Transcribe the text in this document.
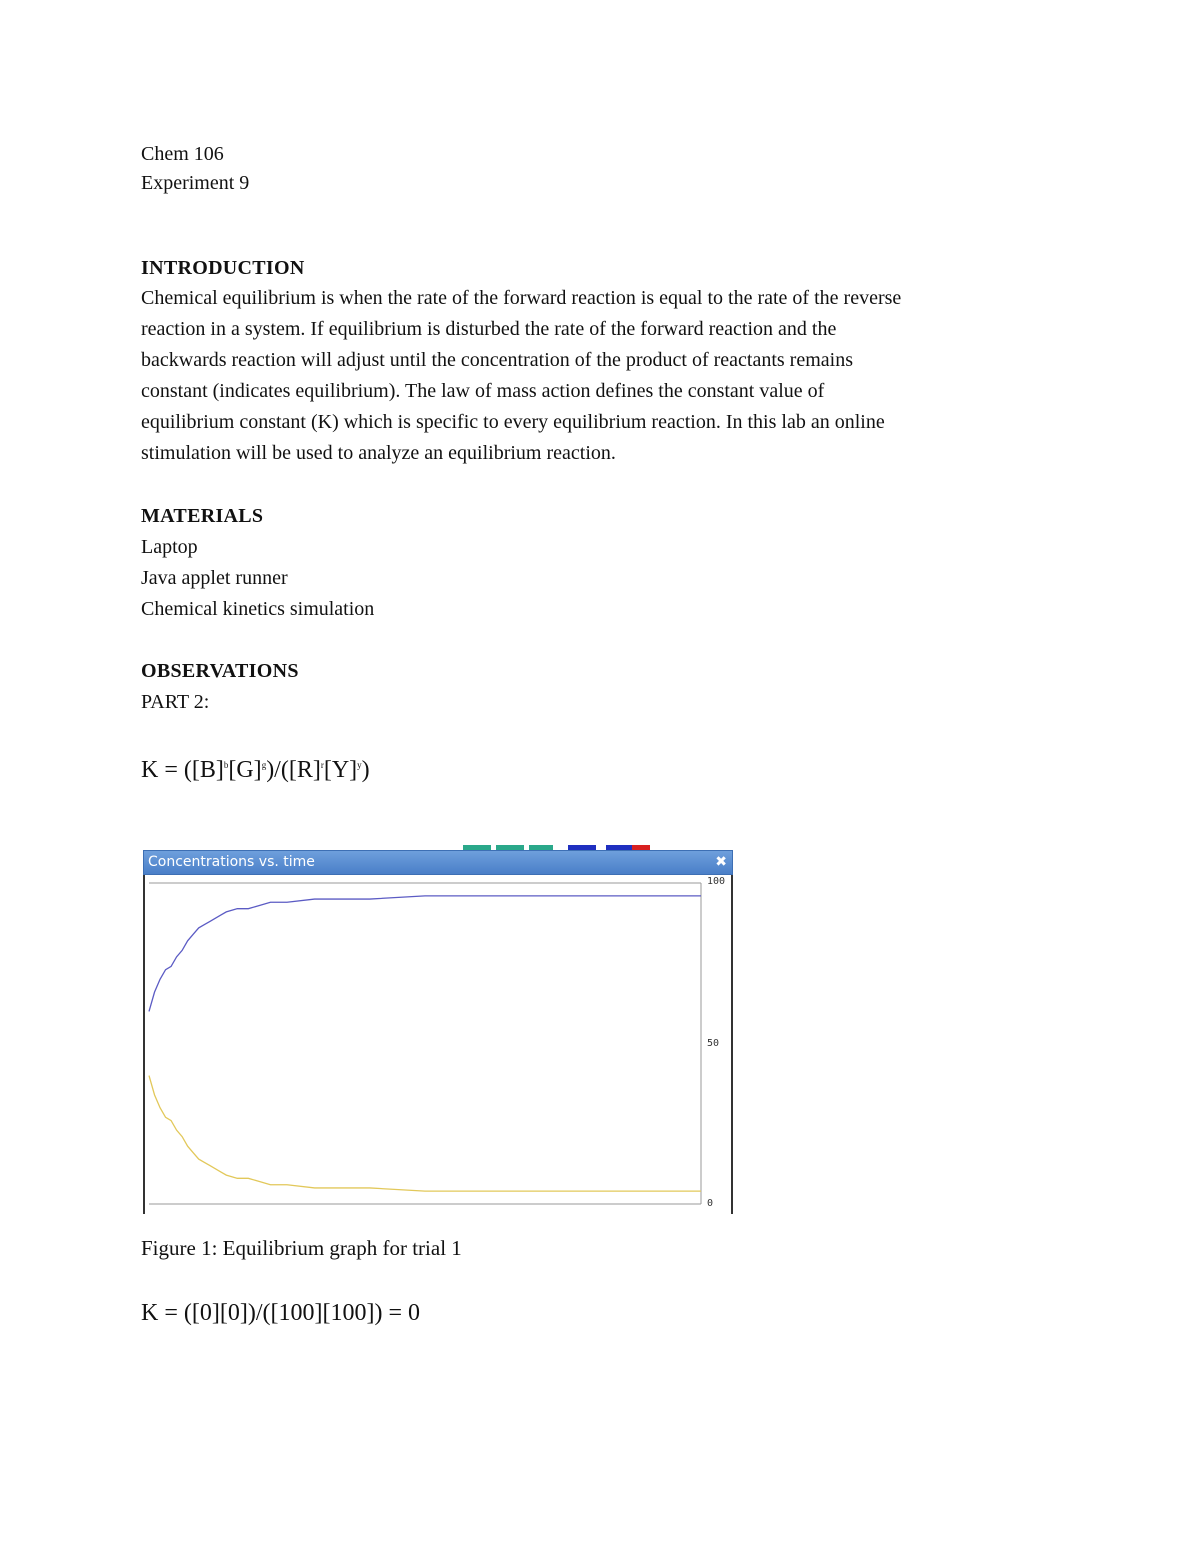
Chem 106
Experiment 9
INTRODUCTION
Chemical equilibrium is when the rate of the forward reaction is equal to the rate of the reverse
reaction in a system. If equilibrium is disturbed the rate of the forward reaction and the
backwards reaction will adjust until the concentration of the product of reactants remains
constant (indicates equilibrium). The law of mass action defines the constant value of
equilibrium constant (K) which is specific to every equilibrium reaction. In this lab an online
stimulation will be used to analyze an equilibrium reaction.
MATERIALS
Laptop
Java applet runner
Chemical kinetics simulation
OBSERVATIONS
PART 2:
$K = ([B]^b[G]^g)/([R]^r[Y]^y)$
Concentrations vs. time	✖
100
50
0
Figure 1: Equilibrium graph for trial 1
K = ([0][0])/([100][100]) = 0
